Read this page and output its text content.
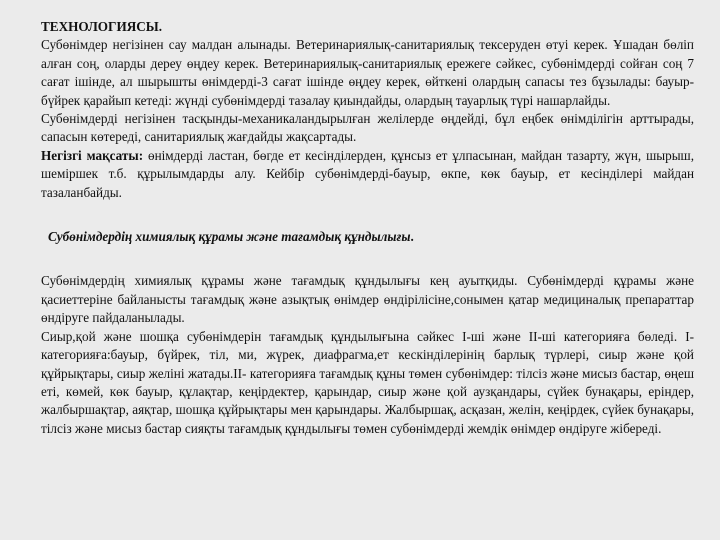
ТЕХНОЛОГИЯСЫ.

Субөнімдер негізінен сау малдан алынады. Ветеринариялық-санитариялық тексеруден өтуі керек. Ұшадан бөліп алған соң, оларды дереу өңдеу керек. Ветеринариялық-санитариялық ережеге сәйкес, субөнімдерді сойған соң 7 сағат ішінде, ал шырышты өнімдерді-3 сағат ішінде өңдеу керек, өйткені олардың сапасы тез бұзылады: бауыр-бүйрек қарайып кетеді: жүнді субөнімдерді тазалау қиындайды, олардың тауарлық түрі нашарлайды.

Субөнімдерді негізінен тасқынды-механикаландырылған желілерде өңдейді, бұл еңбек өнімділігін арттырады, сапасын көтереді, санитариялық жағдайды жақсартады.

Негізгі мақсаты: өнімдерді ластан, бөгде ет кесінділерден, құнсыз ет ұлпасынан, майдан тазарту, жүн, шырыш, шеміршек т.б. құрылымдарды алу. Кейбір субөнімдерді-бауыр, өкпе, көк бауыр, ет кесінділері майдан тазаланбайды.

Субөнімдердің химиялық құрамы және тағамдық құндылығы.

Субөнімдердің химиялық құрамы және тағамдық құндылығы кең ауытқиды. Субөнімдерді құрамы және қасиеттеріне байланысты тағамдық және азықтық өнімдер өндірілісіне,сонымен қатар медициналық препараттар өндіруге пайдаланылады.

Сиыр,қой және шошқа субөнімдерін тағамдық құндылығына сәйкес I-ші және II-ші категорияға бөледі. I- категорияға:бауыр, бүйрек, тіл, ми, жүрек, диафрагма,ет кескінділерінің барлық түрлері, сиыр және қой құйрықтары, сиыр желіні жатады.II- категорияға тағамдық құны төмен субөнімдер: тілсіз және мисыз бастар, өңеш еті, көмей, көк бауыр, құлақтар, кеңірдектер, қарындар, сиыр және қой аузқандары, сүйек бунақары, еріндер, жалбыршақтар, аяқтар, шошқа құйрықтары мен қарындары. Жалбыршақ, асқазан, желін, кеңірдек, сүйек бунақары, тілсіз және мисыз бастар сияқты тағамдық құндылығы төмен субөнімдерді жемдік өнімдер өндіруге жібереді.
